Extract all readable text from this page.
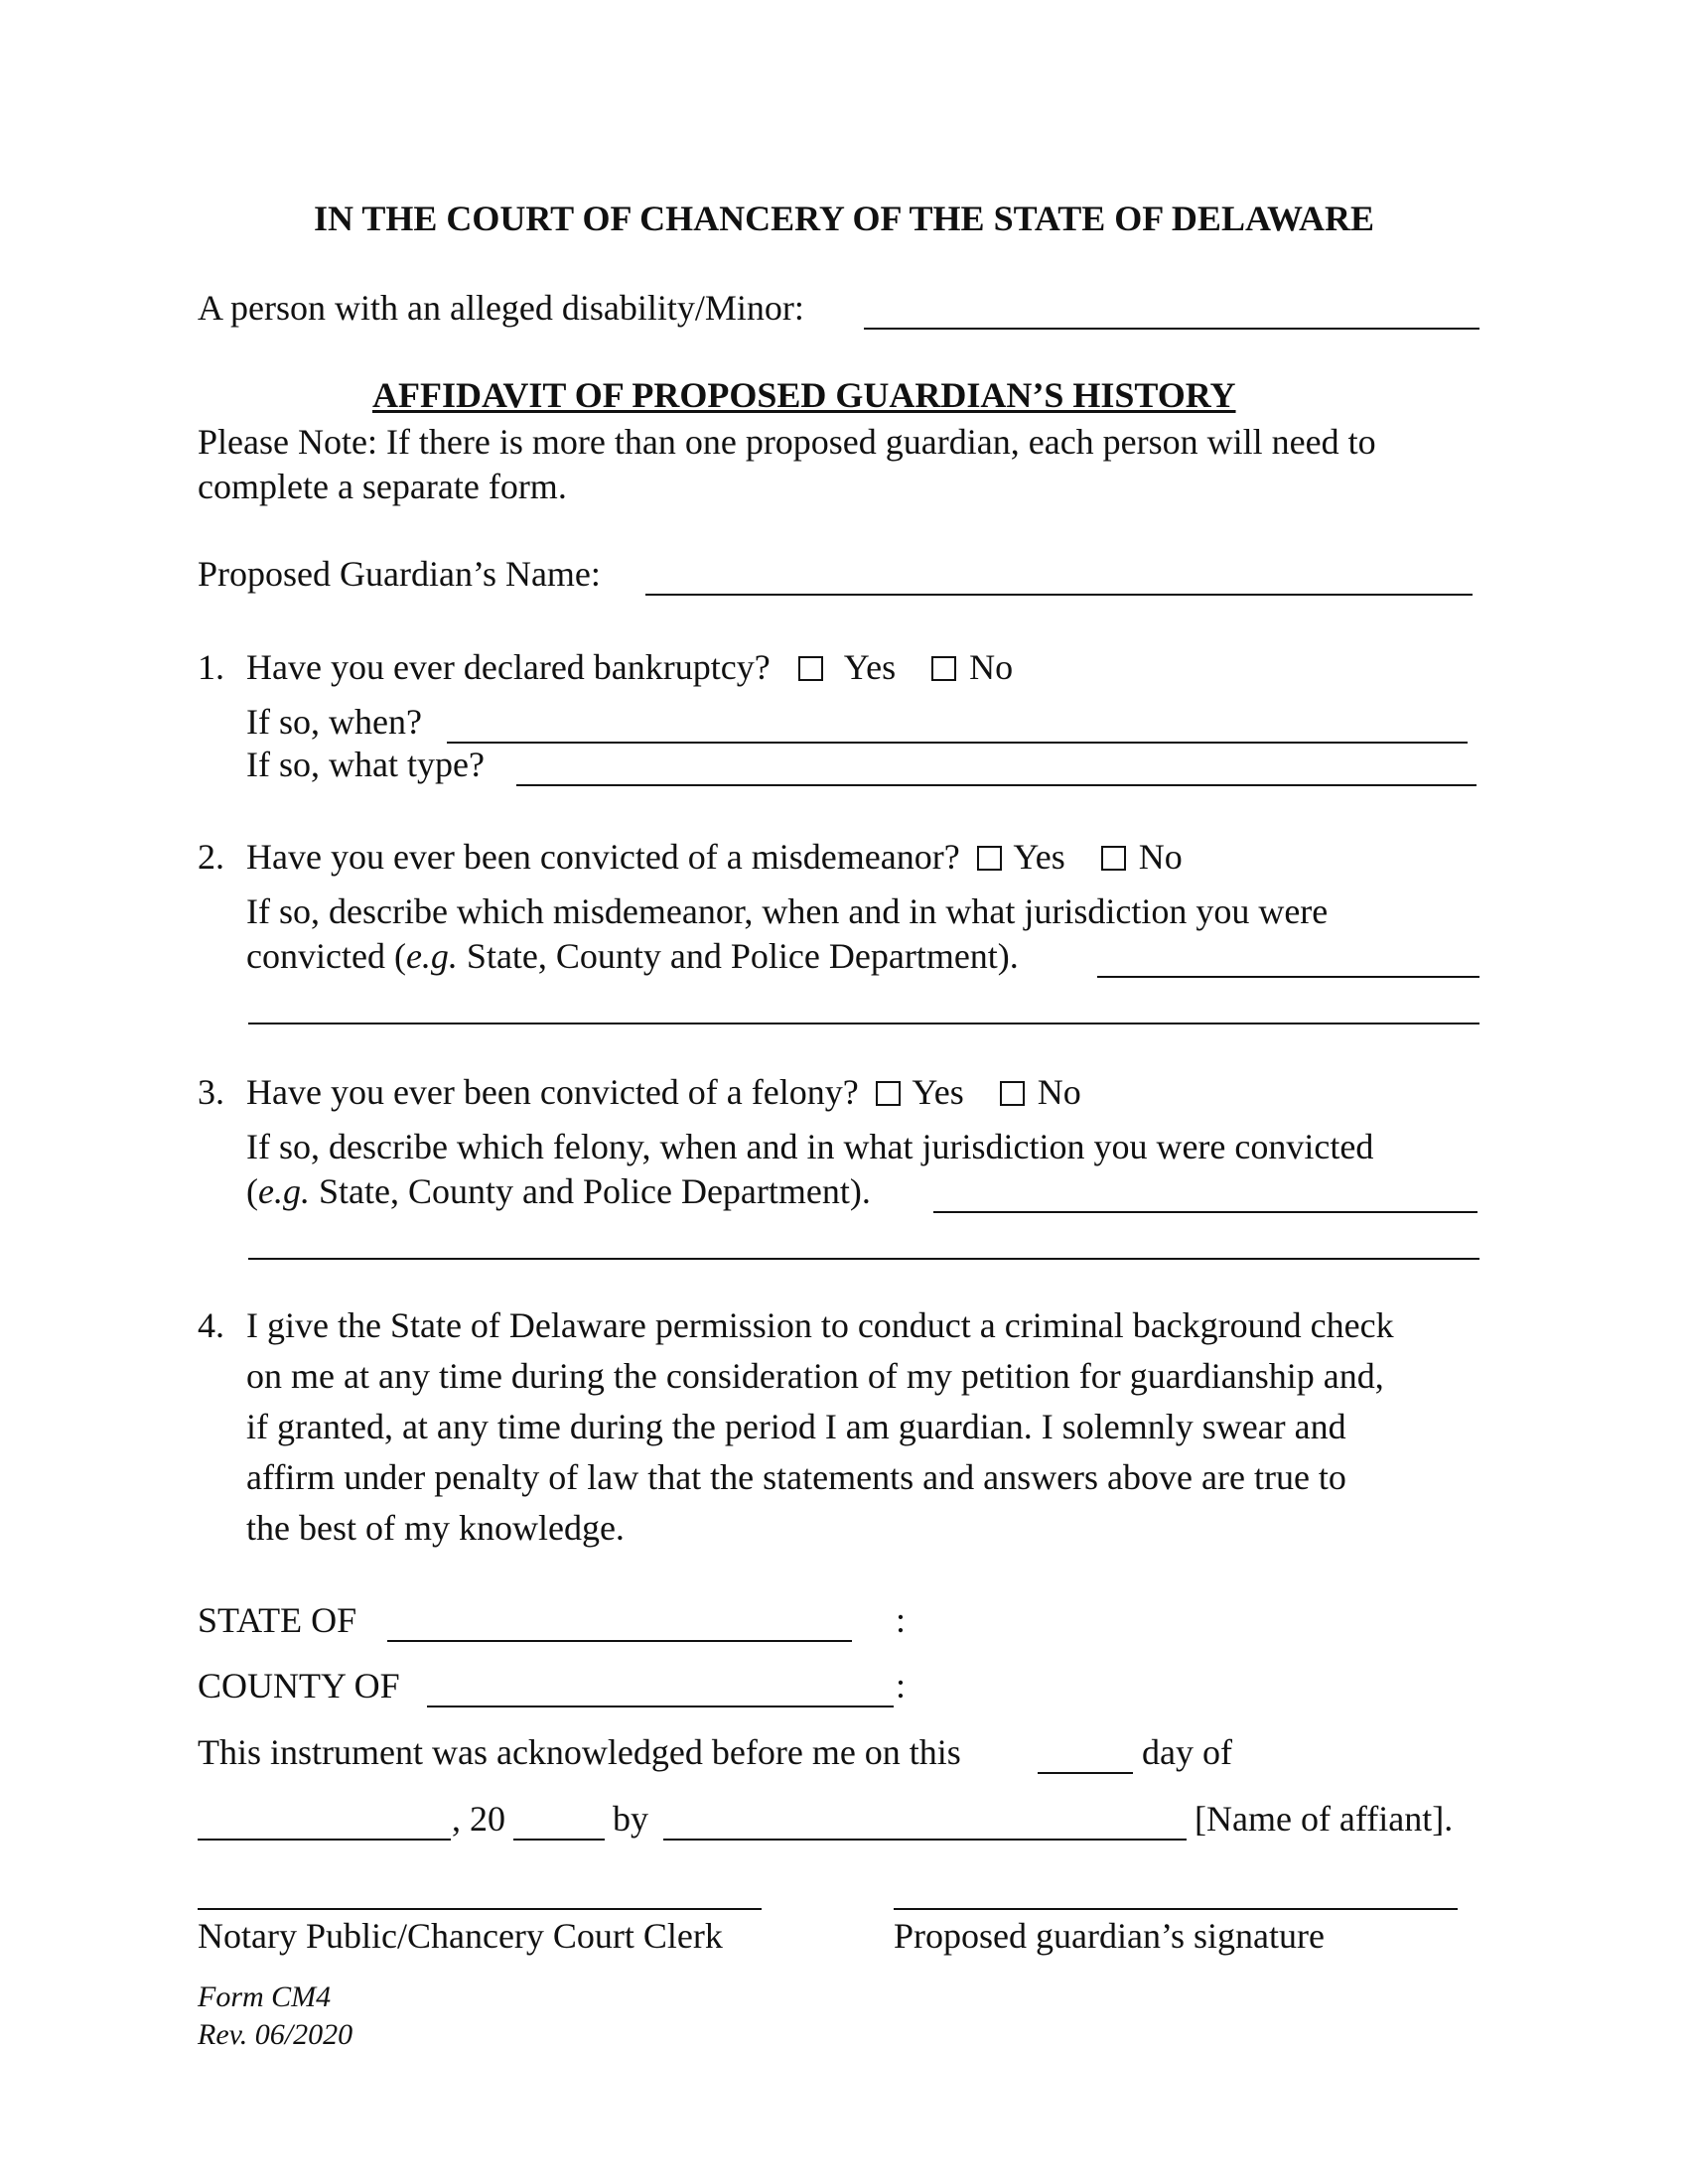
IN THE COURT OF CHANCERY OF THE STATE OF DELAWARE
A person with an alleged disability/Minor:
AFFIDAVIT OF PROPOSED GUARDIAN’S HISTORY
Please Note: If there is more than one proposed guardian, each person will need to
complete a separate form.
Proposed Guardian’s Name:
1. Have you ever declared bankruptcy? Yes No
If so, when?
If so, what type?
2. Have you ever been convicted of a misdemeanor? Yes No
If so, describe which misdemeanor, when and in what jurisdiction you were
convicted (e.g. State, County and Police Department).
3. Have you ever been convicted of a felony? Yes No
If so, describe which felony, when and in what jurisdiction you were convicted
(e.g. State, County and Police Department).
4. I give the State of Delaware permission to conduct a criminal background check
on me at any time during the consideration of my petition for guardianship and,
if granted, at any time during the period I am guardian. I solemnly swear and
affirm under penalty of law that the statements and answers above are true to
the best of my knowledge.
STATE OF	:
COUNTY OF	:
This instrument was acknowledged before me on this	day of
, 20	by	[Name of affiant].
Notary Public/Chancery Court Clerk	Proposed guardian’s signature
Form CM4
Rev. 06/2020
